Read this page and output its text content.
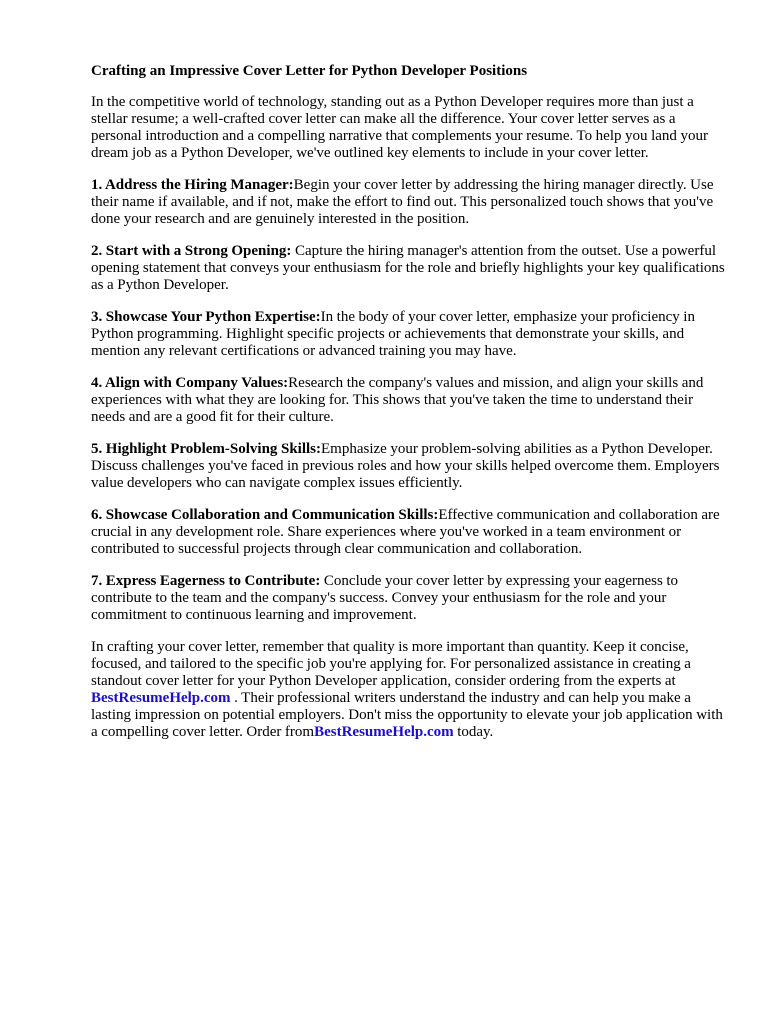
Crafting an Impressive Cover Letter for Python Developer Positions

In the competitive world of technology, standing out as a Python Developer requires more than just a stellar resume; a well-crafted cover letter can make all the difference. Your cover letter serves as a personal introduction and a compelling narrative that complements your resume. To help you land your dream job as a Python Developer, we've outlined key elements to include in your cover letter.

1. Address the Hiring Manager:Begin your cover letter by addressing the hiring manager directly. Use their name if available, and if not, make the effort to find out. This personalized touch shows that you've done your research and are genuinely interested in the position.

2. Start with a Strong Opening: Capture the hiring manager's attention from the outset. Use a powerful opening statement that conveys your enthusiasm for the role and briefly highlights your key qualifications as a Python Developer.

3. Showcase Your Python Expertise:In the body of your cover letter, emphasize your proficiency in Python programming. Highlight specific projects or achievements that demonstrate your skills, and mention any relevant certifications or advanced training you may have.

4. Align with Company Values:Research the company's values and mission, and align your skills and experiences with what they are looking for. This shows that you've taken the time to understand their needs and are a good fit for their culture.

5. Highlight Problem-Solving Skills:Emphasize your problem-solving abilities as a Python Developer. Discuss challenges you've faced in previous roles and how your skills helped overcome them. Employers value developers who can navigate complex issues efficiently.

6. Showcase Collaboration and Communication Skills:Effective communication and collaboration are crucial in any development role. Share experiences where you've worked in a team environment or contributed to successful projects through clear communication and collaboration.

7. Express Eagerness to Contribute: Conclude your cover letter by expressing your eagerness to contribute to the team and the company's success. Convey your enthusiasm for the role and your commitment to continuous learning and improvement.

In crafting your cover letter, remember that quality is more important than quantity. Keep it concise, focused, and tailored to the specific job you're applying for. For personalized assistance in creating a standout cover letter for your Python Developer application, consider ordering from the experts at BestResumeHelp.com . Their professional writers understand the industry and can help you make a lasting impression on potential employers. Don't miss the opportunity to elevate your job application with a compelling cover letter. Order fromBestResumeHelp.com today.
